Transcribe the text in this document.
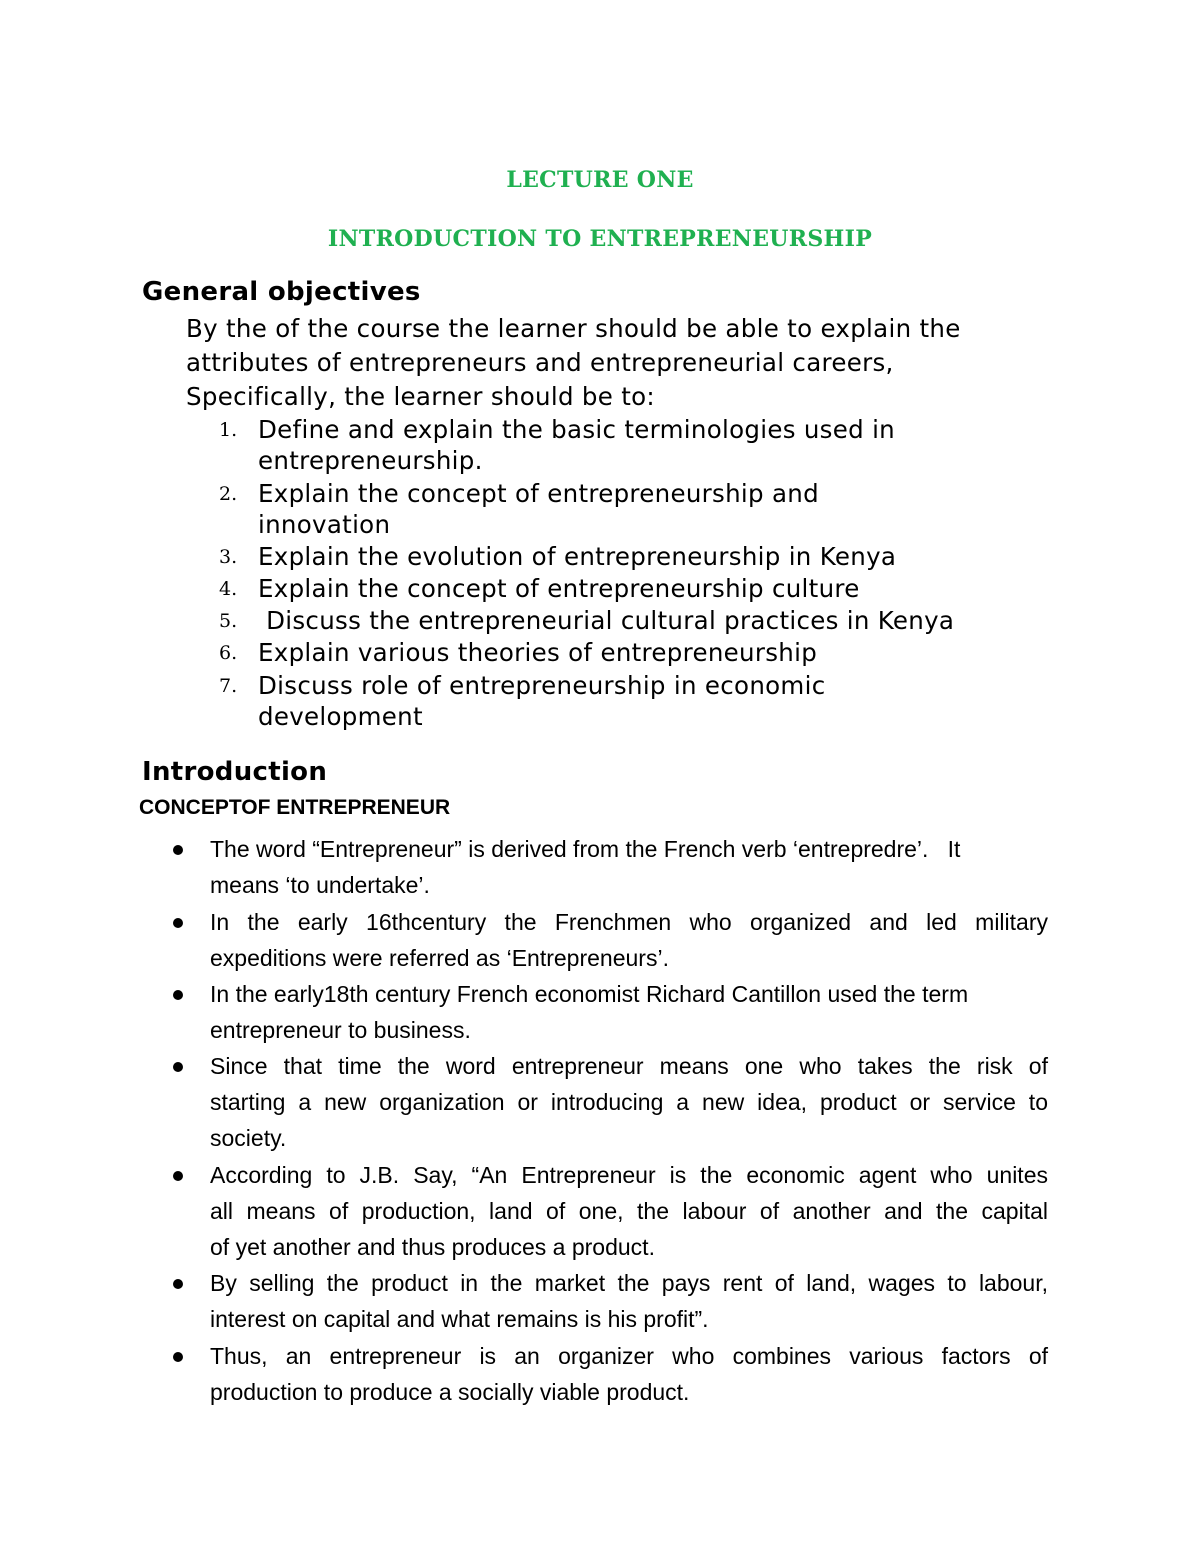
LECTURE ONE
INTRODUCTION TO ENTREPRENEURSHIP
General objectives
By the of the course the learner should be able to explain the
attributes of entrepreneurs and entrepreneurial careers,
Specifically, the learner should be to:
1. Define and explain the basic terminologies used in
entrepreneurship.
2. Explain the concept of entrepreneurship and
innovation
3. Explain the evolution of entrepreneurship in Kenya
4. Explain the concept of entrepreneurship culture
5. Discuss the entrepreneurial cultural practices in Kenya
6. Explain various theories of entrepreneurship
7. Discuss role of entrepreneurship in economic
development
Introduction
CONCEPTOF ENTREPRENEUR
The word “Entrepreneur” is derived from the French verb ‘entrepredre’.   It
means ‘to undertake’.
In the early 16thcentury the Frenchmen who organized and led military
expeditions were referred as ‘Entrepreneurs’.
In the early18th century French economist Richard Cantillon used the term
entrepreneur to business.
Since that time the word entrepreneur means one who takes the risk of
starting a new organization or introducing a new idea, product or service to
society.
According to J.B. Say, “An Entrepreneur is the economic agent who unites
all means of production, land of one, the labour of another and the capital
of yet another and thus produces a product.
By selling the product in the market the pays rent of land, wages to labour,
interest on capital and what remains is his profit”.
Thus, an entrepreneur is an organizer who combines various factors of
production to produce a socially viable product.
